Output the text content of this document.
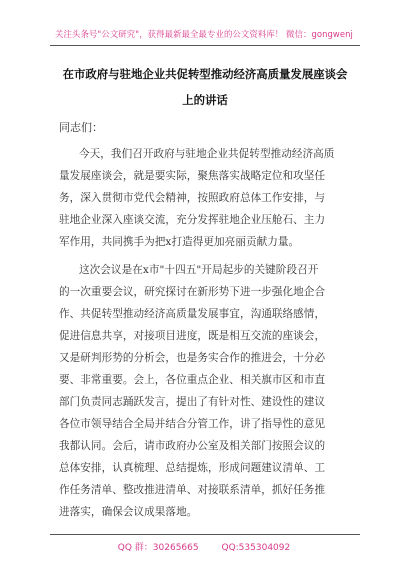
关注头条号"公文研究"，获得最新最全最专业的公文资料库！ 微信：gongwenj
在市政府与驻地企业共促转型推动经济高质量发展座谈会
上的讲话
同志们：
今天，我们召开政府与驻地企业共促转型推动经济高质
量发展座谈会，就是要实际，聚焦落实战略定位和攻坚任
务，深入贯彻市党代会精神，按照政府总体工作安排，与
驻地企业深入座谈交流，充分发挥驻地企业压舱石、主力
军作用，共同携手为把x打造得更加亮丽贡献力量。
这次会议是在x市"十四五"开局起步的关键阶段召开
的一次重要会议，研究探讨在新形势下进一步强化地企合
作、共促转型推动经济高质量发展事宜，沟通联络感情，
促进信息共享，对接项目进度，既是相互交流的座谈会，
又是研判形势的分析会，也是务实合作的推进会，十分必
要、非常重要。会上，各位重点企业、相关旗市区和市直
部门负责同志踊跃发言，提出了有针对性、建设性的建议
各位市领导结合全局并结合分管工作，讲了指导性的意见
我都认同。会后，请市政府办公室及相关部门按照会议的
总体安排，认真梳理、总结提炼，形成问题建议清单、工
作任务清单、整改推进清单、对接联系清单，抓好任务推
进落实，确保会议成果落地。
QQ 群：30265665	QQ:535304092
